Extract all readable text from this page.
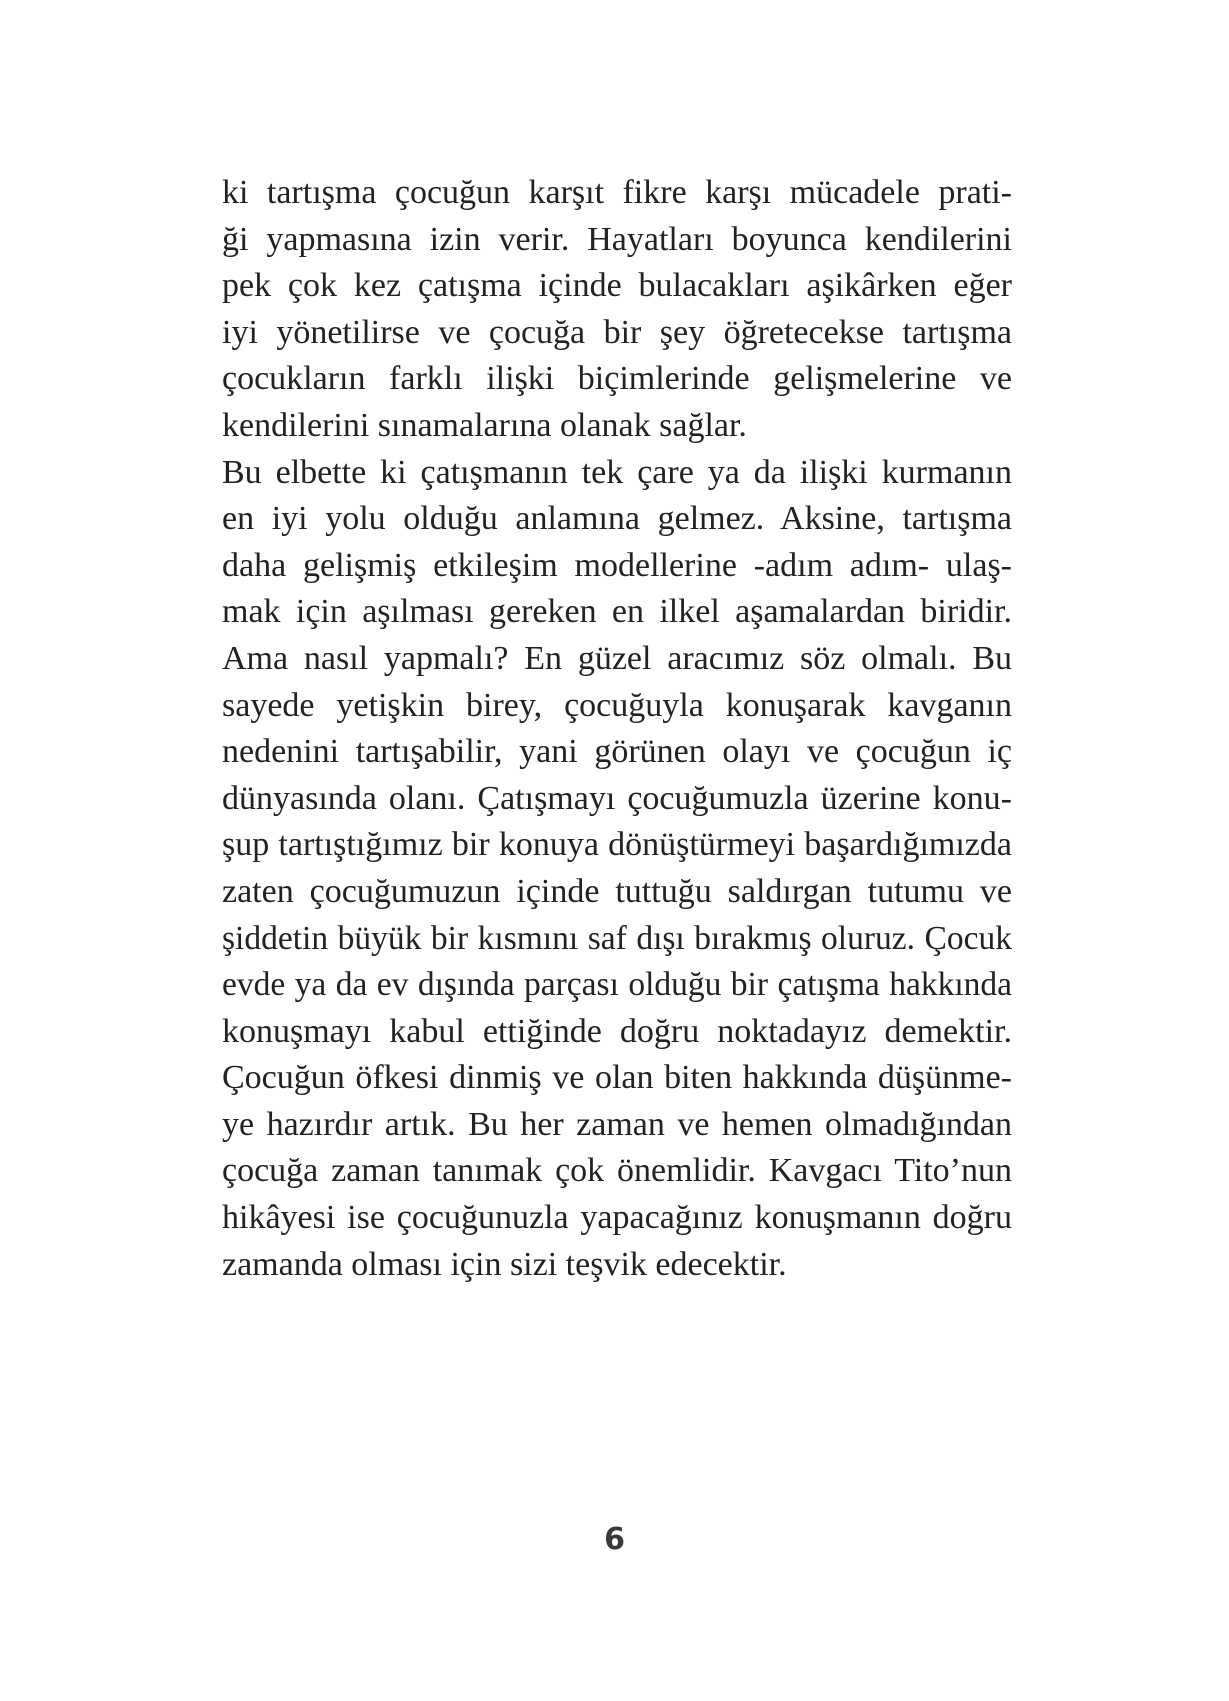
ki tartışma çocuğun karşıt fikre karşı mücadele prati-
ği yapmasına izin verir. Hayatları boyunca kendilerini
pek çok kez çatışma içinde bulacakları aşikârken eğer
iyi yönetilirse ve çocuğa bir şey öğretecekse tartışma
çocukların farklı ilişki biçimlerinde gelişmelerine ve
kendilerini sınamalarına olanak sağlar.
Bu elbette ki çatışmanın tek çare ya da ilişki kurmanın
en iyi yolu olduğu anlamına gelmez. Aksine, tartışma
daha gelişmiş etkileşim modellerine -adım adım- ulaş-
mak için aşılması gereken en ilkel aşamalardan biridir.
Ama nasıl yapmalı? En güzel aracımız söz olmalı. Bu
sayede yetişkin birey, çocuğuyla konuşarak kavganın
nedenini tartışabilir, yani görünen olayı ve çocuğun iç
dünyasında olanı. Çatışmayı çocuğumuzla üzerine konu-
şup tartıştığımız bir konuya dönüştürmeyi başardığımızda
zaten çocuğumuzun içinde tuttuğu saldırgan tutumu ve
şiddetin büyük bir kısmını saf dışı bırakmış oluruz. Çocuk
evde ya da ev dışında parçası olduğu bir çatışma hakkında
konuşmayı kabul ettiğinde doğru noktadayız demektir.
Çocuğun öfkesi dinmiş ve olan biten hakkında düşünme-
ye hazırdır artık. Bu her zaman ve hemen olmadığından
çocuğa zaman tanımak çok önemlidir. Kavgacı Tito’nun
hikâyesi ise çocuğunuzla yapacağınız konuşmanın doğru
zamanda olması için sizi teşvik edecektir.
6
